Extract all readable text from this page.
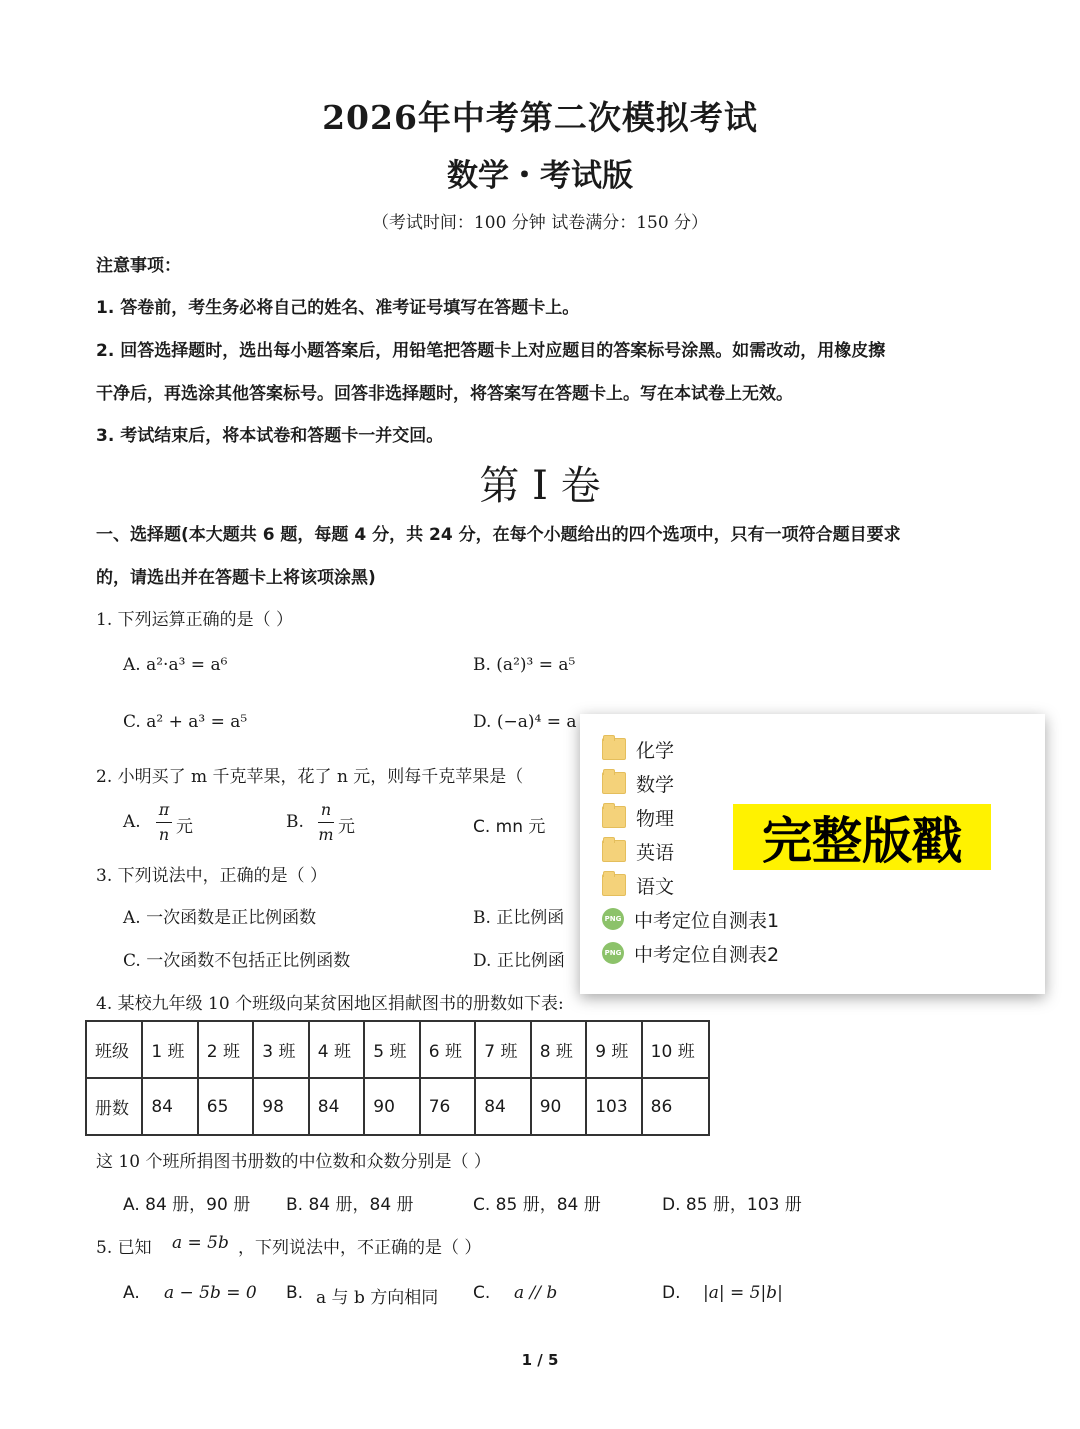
2026年中考第二次模拟考试
数学・考试版
（考试时间：100 分钟 试卷满分：150 分）
注意事项：
1. 答卷前，考生务必将自己的姓名、准考证号填写在答题卡上。
2. 回答选择题时，选出每小题答案后，用铅笔把答题卡上对应题目的答案标号涂黑。如需改动，用橡皮擦
干净后，再选涂其他答案标号。回答非选择题时，将答案写在答题卡上。写在本试卷上无效。
3. 考试结束后，将本试卷和答题卡一并交回。
第 I 卷
一、选择题(本大题共 6 题，每题 4 分，共 24 分，在每个小题给出的四个选项中，只有一项符合题目要求
的，请选出并在答题卡上将该项涂黑)
1. 下列运算正确的是（ ）
A. a²·a³ = a⁶	B. (a²)³ = a⁵
C. a² + a³ = a⁵	D. (−a)⁴ = a
2. 小明买了 m 千克苹果，花了 n 元，则每千克苹果是（
A.
π
n 元	B.
n
m 元	C. mn 元
3. 下列说法中，正确的是（ ）
A. 一次函数是正比例函数	B. 正比例函
C. 一次函数不包括正比例函数	D. 正比例函
4. 某校九年级 10 个班级向某贫困地区捐献图书的册数如下表:
班级	1 班	2 班	3 班	4 班	5 班	6 班	7 班	8 班	9 班	10 班
册数	84	65	98	84	90	76	84	90	103	86
这 10 个班所捐图书册数的中位数和众数分别是（ ）
A. 84 册，90 册 B. 84 册，84 册	C. 85 册，84 册	D. 85 册，103 册
5. 已知 a = 5b ，下列说法中，不正确的是（ ）
A. a − 5b = 0 B. a 与 b 方向相同 C. a // b	D. |a| = 5|b|
1 / 5
化学
数学
物理
英语
语文
PNG 中考定位自测表1
PNG 中考定位自测表2
完整版戳
